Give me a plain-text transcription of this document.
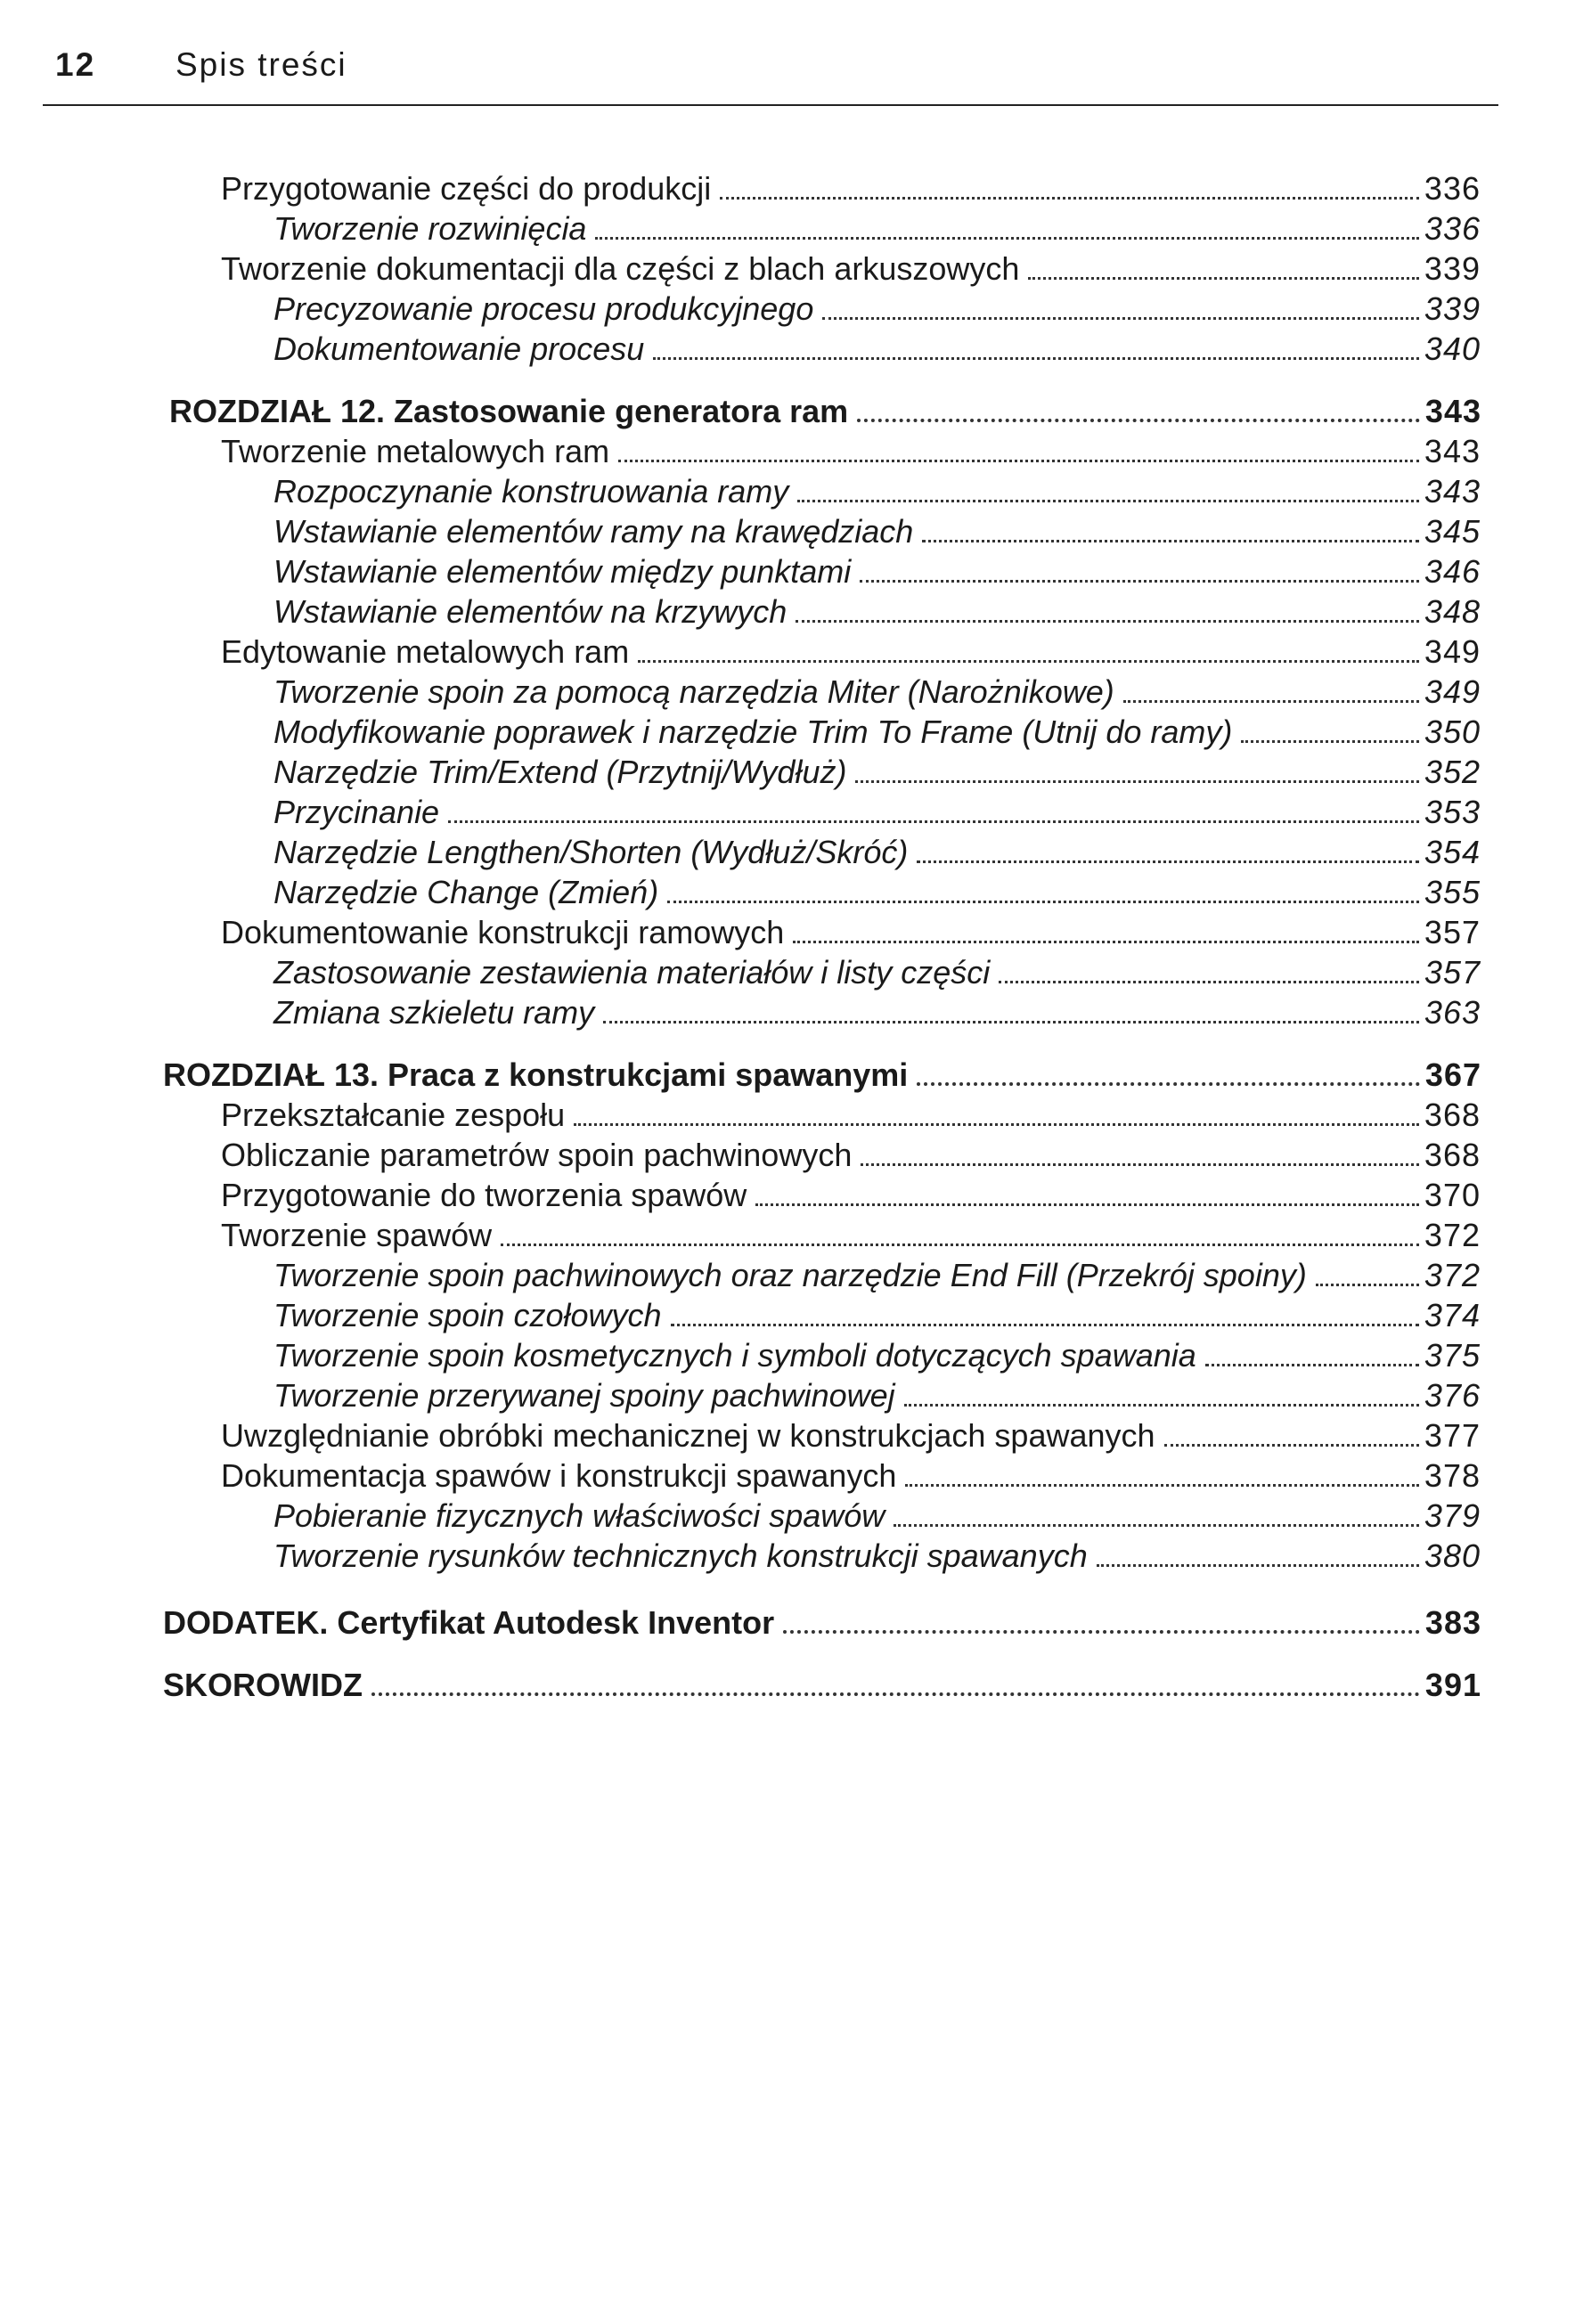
12	Spis treści
Przygotowanie części do produkcji	336
Tworzenie rozwinięcia	336
Tworzenie dokumentacji dla części z blach arkuszowych	339
Precyzowanie procesu produkcyjnego	339
Dokumentowanie procesu	340
ROZDZIAŁ 12. Zastosowanie generatora ram	343
Tworzenie metalowych ram	343
Rozpoczynanie konstruowania ramy	343
Wstawianie elementów ramy na krawędziach	345
Wstawianie elementów między punktami	346
Wstawianie elementów na krzywych	348
Edytowanie metalowych ram	349
Tworzenie spoin za pomocą narzędzia Miter (Narożnikowe)	349
Modyfikowanie poprawek i narzędzie Trim To Frame (Utnij do ramy)	350
Narzędzie Trim/Extend (Przytnij/Wydłuż)	352
Przycinanie	353
Narzędzie Lengthen/Shorten (Wydłuż/Skróć)	354
Narzędzie Change (Zmień)	355
Dokumentowanie konstrukcji ramowych	357
Zastosowanie zestawienia materiałów i listy części	357
Zmiana szkieletu ramy	363
ROZDZIAŁ 13. Praca z konstrukcjami spawanymi	367
Przekształcanie zespołu	368
Obliczanie parametrów spoin pachwinowych	368
Przygotowanie do tworzenia spawów	370
Tworzenie spawów	372
Tworzenie spoin pachwinowych oraz narzędzie End Fill (Przekrój spoiny)	372
Tworzenie spoin czołowych	374
Tworzenie spoin kosmetycznych i symboli dotyczących spawania	375
Tworzenie przerywanej spoiny pachwinowej	376
Uwzględnianie obróbki mechanicznej w konstrukcjach spawanych	377
Dokumentacja spawów i konstrukcji spawanych	378
Pobieranie fizycznych właściwości spawów	379
Tworzenie rysunków technicznych konstrukcji spawanych	380
DODATEK. Certyfikat Autodesk Inventor	383
SKOROWIDZ	391
